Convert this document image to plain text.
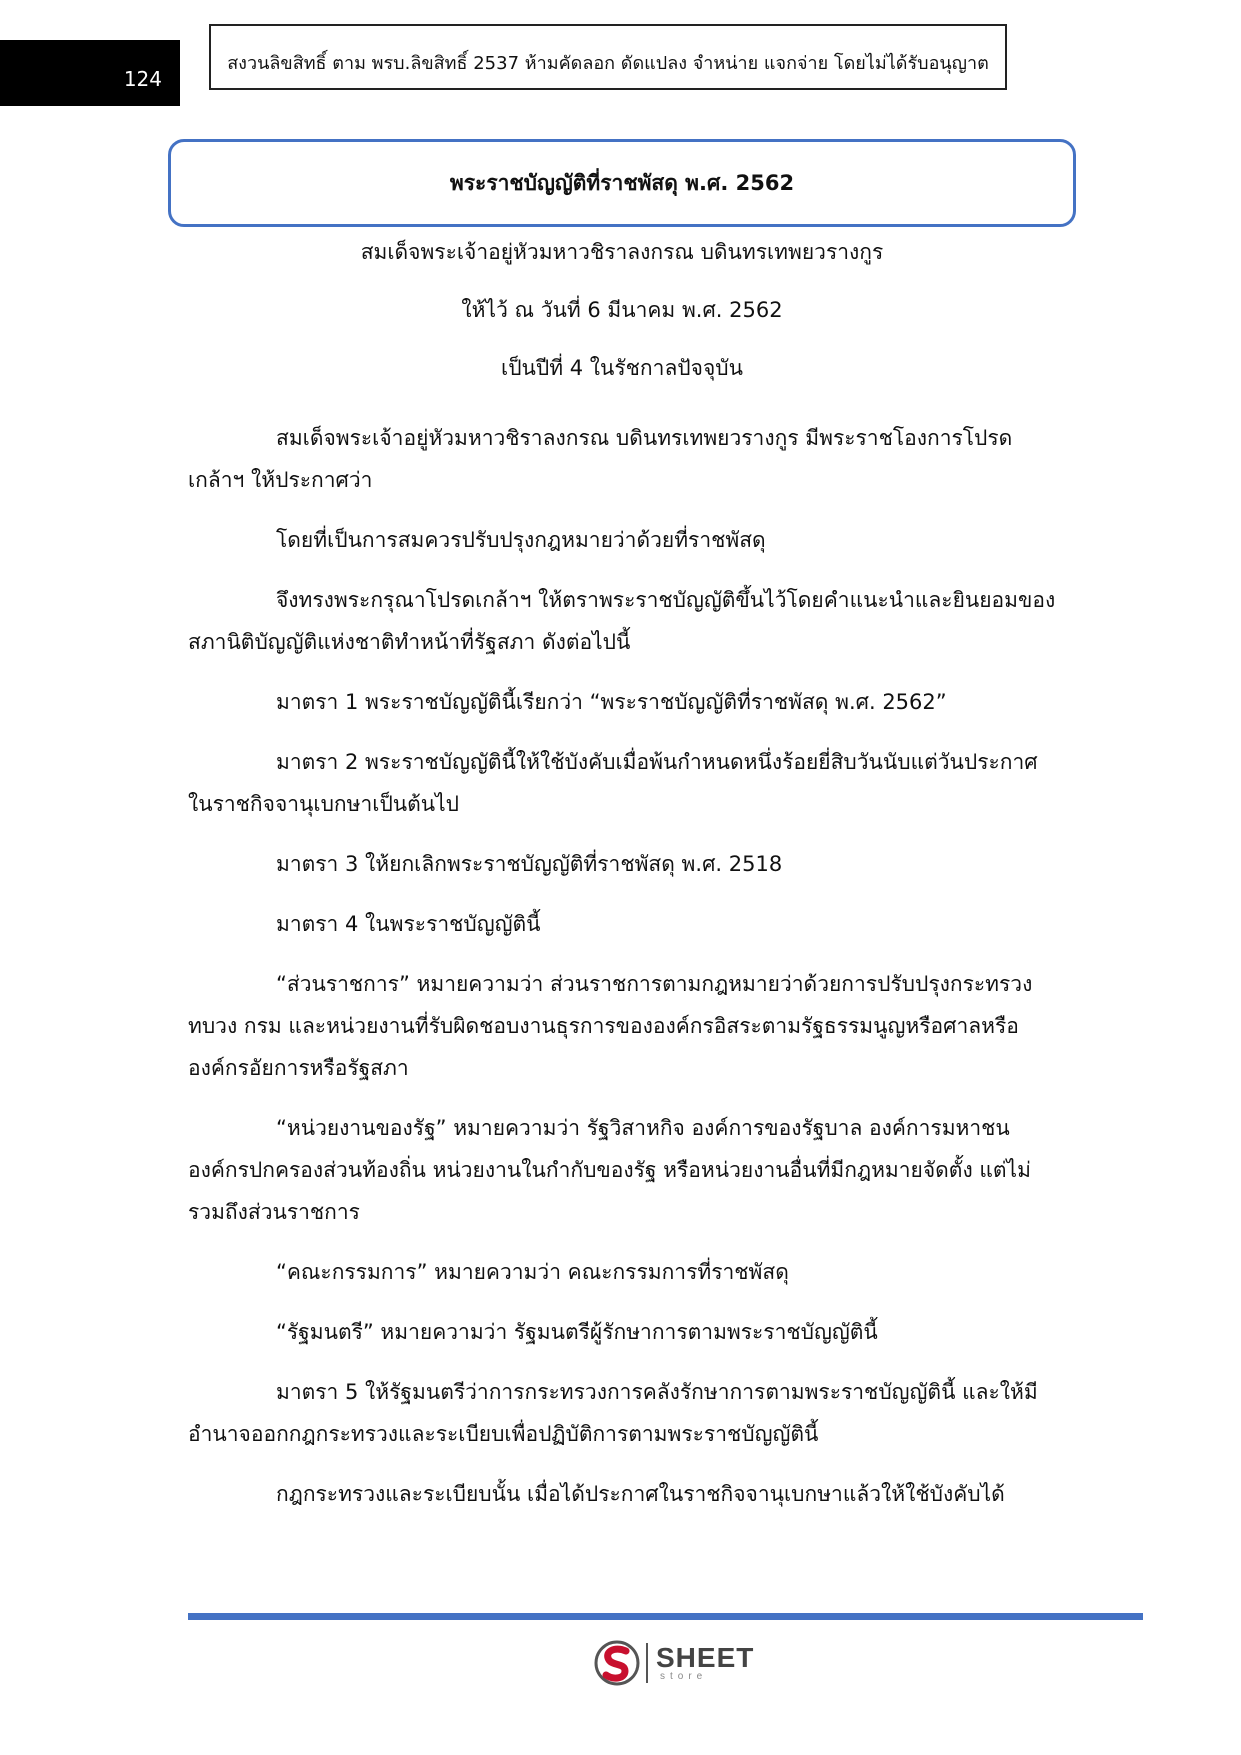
124
สงวนลิขสิทธิ์ ตาม พรบ.ลิขสิทธิ์ 2537 ห้ามคัดลอก ดัดแปลง จำหน่าย แจกจ่าย โดยไม่ได้รับอนุญาต
พระราชบัญญัติที่ราชพัสดุ พ.ศ. 2562
สมเด็จพระเจ้าอยู่หัวมหาวชิราลงกรณ บดินทรเทพยวรางกูร
ให้ไว้ ณ วันที่ 6 มีนาคม พ.ศ. 2562
เป็นปีที่ 4 ในรัชกาลปัจจุบัน

สมเด็จพระเจ้าอยู่หัวมหาวชิราลงกรณ บดินทรเทพยวรางกูร มีพระราชโองการโปรดเกล้าฯ ให้ประกาศว่า

โดยที่เป็นการสมควรปรับปรุงกฎหมายว่าด้วยที่ราชพัสดุ

จึงทรงพระกรุณาโปรดเกล้าฯ ให้ตราพระราชบัญญัติขึ้นไว้โดยคำแนะนำและยินยอมของสภานิติบัญญัติแห่งชาติทำหน้าที่รัฐสภา ดังต่อไปนี้

มาตรา 1 พระราชบัญญัตินี้เรียกว่า “พระราชบัญญัติที่ราชพัสดุ พ.ศ. 2562”

มาตรา 2 พระราชบัญญัตินี้ให้ใช้บังคับเมื่อพ้นกำหนดหนึ่งร้อยยี่สิบวันนับแต่วันประกาศในราชกิจจานุเบกษาเป็นต้นไป

มาตรา 3 ให้ยกเลิกพระราชบัญญัติที่ราชพัสดุ พ.ศ. 2518

มาตรา 4 ในพระราชบัญญัตินี้

“ส่วนราชการ” หมายความว่า ส่วนราชการตามกฎหมายว่าด้วยการปรับปรุงกระทรวง ทบวง กรม และหน่วยงานที่รับผิดชอบงานธุรการขององค์กรอิสระตามรัฐธรรมนูญหรือศาลหรือองค์กรอัยการหรือรัฐสภา

“หน่วยงานของรัฐ” หมายความว่า รัฐวิสาหกิจ องค์การของรัฐบาล องค์การมหาชน องค์กรปกครองส่วนท้องถิ่น หน่วยงานในกำกับของรัฐ หรือหน่วยงานอื่นที่มีกฎหมายจัดตั้ง แต่ไม่รวมถึงส่วนราชการ

“คณะกรรมการ” หมายความว่า คณะกรรมการที่ราชพัสดุ

“รัฐมนตรี” หมายความว่า รัฐมนตรีผู้รักษาการตามพระราชบัญญัตินี้

มาตรา 5 ให้รัฐมนตรีว่าการกระทรวงการคลังรักษาการตามพระราชบัญญัตินี้ และให้มีอำนาจออกกฎกระทรวงและระเบียบเพื่อปฏิบัติการตามพระราชบัญญัตินี้

กฎกระทรวงและระเบียบนั้น เมื่อได้ประกาศในราชกิจจานุเบกษาแล้วให้ใช้บังคับได้

SHEET
store
